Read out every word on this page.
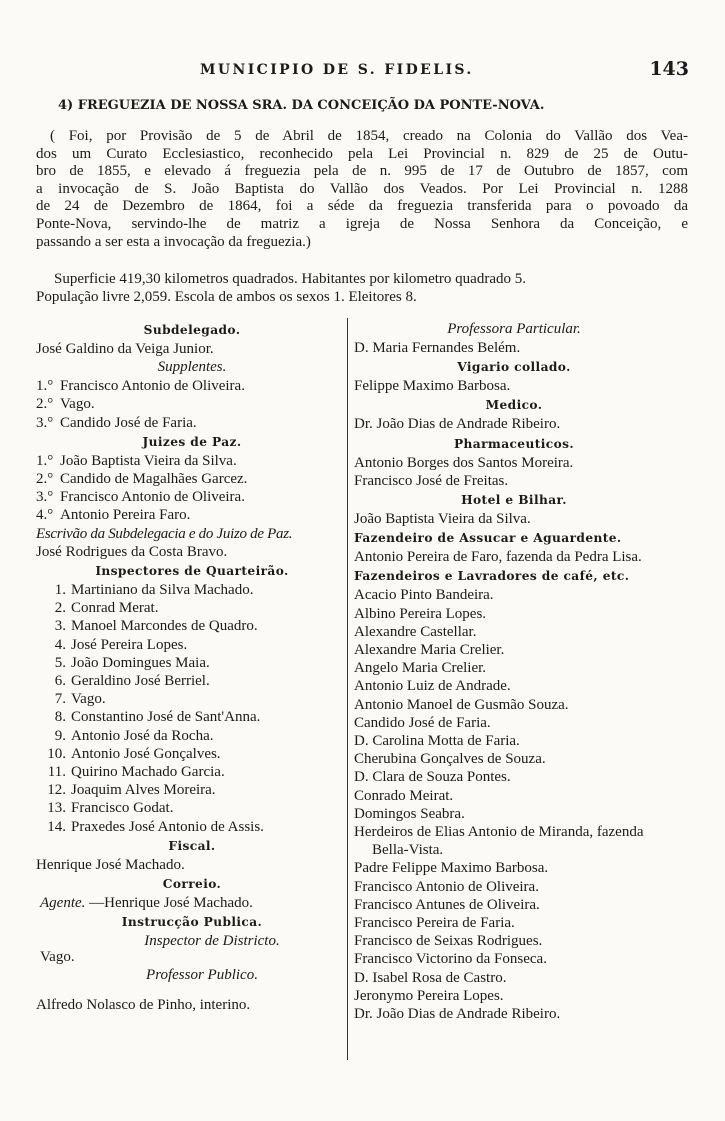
MUNICIPIO DE S. FIDELIS.	143
4) FREGUEZIA DE NOSSA SRA. DA CONCEIÇÃO DA PONTE-NOVA.
( Foi, por Provisão de 5 de Abril de 1854, creado na Colonia do Vallão dos Vea-
dos um Curato Ecclesiastico, reconhecido pela Lei Provincial n. 829 de 25 de Outu-
bro de 1855, e elevado á freguezia pela de n. 995 de 17 de Outubro de 1857, com
a invocação de S. João Baptista do Vallão dos Veados. Por Lei Provincial n. 1288
de 24 de Dezembro de 1864, foi a séde da freguezia transferida para o povoado da
Ponte-Nova, servindo-lhe de matriz a igreja de Nossa Senhora da Conceição, e
passando a ser esta a invocação da freguezia.)
Superficie 419,30 kilometros quadrados. Habitantes por kilometro quadrado 5.
População livre 2,059. Escola de ambos os sexos 1. Eleitores 8.
Subdelegado.
José Galdino da Veiga Junior.
Supplentes.
1.° Francisco Antonio de Oliveira.
2.° Vago.
3.° Candido José de Faria.
Juizes de Paz.
1.° João Baptista Vieira da Silva.
2.° Candido de Magalhães Garcez.
3.° Francisco Antonio de Oliveira.
4.° Antonio Pereira Faro.
Escrivão da Subdelegacia e do Juizo de Paz.
José Rodrigues da Costa Bravo.
Inspectores de Quarteirão.
1. Martiniano da Silva Machado.
2. Conrad Merat.
3. Manoel Marcondes de Quadro.
4. José Pereira Lopes.
5. João Domingues Maia.
6. Geraldino José Berriel.
7. Vago.
8. Constantino José de Sant'Anna.
9. Antonio José da Rocha.
10. Antonio José Gonçalves.
11. Quirino Machado Garcia.
12. Joaquim Alves Moreira.
13. Francisco Godat.
14. Praxedes José Antonio de Assis.
Fiscal.
Henrique José Machado.
Correio.
Agente. —Henrique José Machado.
Instrucção Publica.
Inspector de Districto.
Vago.
Professor Publico.
Alfredo Nolasco de Pinho, interino.
Professora Particular.
D. Maria Fernandes Belém.
Vigario collado.
Felippe Maximo Barbosa.
Medico.
Dr. João Dias de Andrade Ribeiro.
Pharmaceuticos.
Antonio Borges dos Santos Moreira.
Francisco José de Freitas.
Hotel e Bilhar.
João Baptista Vieira da Silva.
Fazendeiro de Assucar e Aguardente.
Antonio Pereira de Faro, fazenda da Pedra Lisa.
Fazendeiros e Lavradores de café, etc.
Acacio Pinto Bandeira.
Albino Pereira Lopes.
Alexandre Castellar.
Alexandre Maria Crelier.
Angelo Maria Crelier.
Antonio Luiz de Andrade.
Antonio Manoel de Gusmão Souza.
Candido José de Faria.
D. Carolina Motta de Faria.
Cherubina Gonçalves de Souza.
D. Clara de Souza Pontes.
Conrado Meirat.
Domingos Seabra.
Herdeiros de Elias Antonio de Miranda, fazenda Bella-Vista.
Padre Felippe Maximo Barbosa.
Francisco Antonio de Oliveira.
Francisco Antunes de Oliveira.
Francisco Pereira de Faria.
Francisco de Seixas Rodrigues.
Francisco Victorino da Fonseca.
D. Isabel Rosa de Castro.
Jeronymo Pereira Lopes.
Dr. João Dias de Andrade Ribeiro.
